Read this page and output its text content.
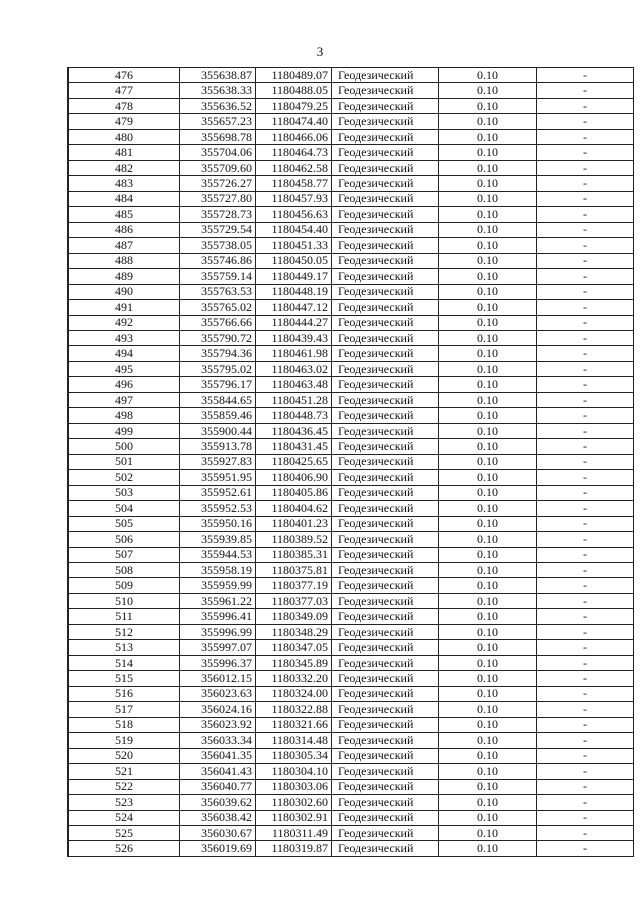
3
476	355638.87	1180489.07	Геодезический	0.10	-
477	355638.33	1180488.05	Геодезический	0.10	-
478	355636.52	1180479.25	Геодезический	0.10	-
479	355657.23	1180474.40	Геодезический	0.10	-
480	355698.78	1180466.06	Геодезический	0.10	-
481	355704.06	1180464.73	Геодезический	0.10	-
482	355709.60	1180462.58	Геодезический	0.10	-
483	355726.27	1180458.77	Геодезический	0.10	-
484	355727.80	1180457.93	Геодезический	0.10	-
485	355728.73	1180456.63	Геодезический	0.10	-
486	355729.54	1180454.40	Геодезический	0.10	-
487	355738.05	1180451.33	Геодезический	0.10	-
488	355746.86	1180450.05	Геодезический	0.10	-
489	355759.14	1180449.17	Геодезический	0.10	-
490	355763.53	1180448.19	Геодезический	0.10	-
491	355765.02	1180447.12	Геодезический	0.10	-
492	355766.66	1180444.27	Геодезический	0.10	-
493	355790.72	1180439.43	Геодезический	0.10	-
494	355794.36	1180461.98	Геодезический	0.10	-
495	355795.02	1180463.02	Геодезический	0.10	-
496	355796.17	1180463.48	Геодезический	0.10	-
497	355844.65	1180451.28	Геодезический	0.10	-
498	355859.46	1180448.73	Геодезический	0.10	-
499	355900.44	1180436.45	Геодезический	0.10	-
500	355913.78	1180431.45	Геодезический	0.10	-
501	355927.83	1180425.65	Геодезический	0.10	-
502	355951.95	1180406.90	Геодезический	0.10	-
503	355952.61	1180405.86	Геодезический	0.10	-
504	355952.53	1180404.62	Геодезический	0.10	-
505	355950.16	1180401.23	Геодезический	0.10	-
506	355939.85	1180389.52	Геодезический	0.10	-
507	355944.53	1180385.31	Геодезический	0.10	-
508	355958.19	1180375.81	Геодезический	0.10	-
509	355959.99	1180377.19	Геодезический	0.10	-
510	355961.22	1180377.03	Геодезический	0.10	-
511	355996.41	1180349.09	Геодезический	0.10	-
512	355996.99	1180348.29	Геодезический	0.10	-
513	355997.07	1180347.05	Геодезический	0.10	-
514	355996.37	1180345.89	Геодезический	0.10	-
515	356012.15	1180332.20	Геодезический	0.10	-
516	356023.63	1180324.00	Геодезический	0.10	-
517	356024.16	1180322.88	Геодезический	0.10	-
518	356023.92	1180321.66	Геодезический	0.10	-
519	356033.34	1180314.48	Геодезический	0.10	-
520	356041.35	1180305.34	Геодезический	0.10	-
521	356041.43	1180304.10	Геодезический	0.10	-
522	356040.77	1180303.06	Геодезический	0.10	-
523	356039.62	1180302.60	Геодезический	0.10	-
524	356038.42	1180302.91	Геодезический	0.10	-
525	356030.67	1180311.49	Геодезический	0.10	-
526	356019.69	1180319.87	Геодезический	0.10	-
